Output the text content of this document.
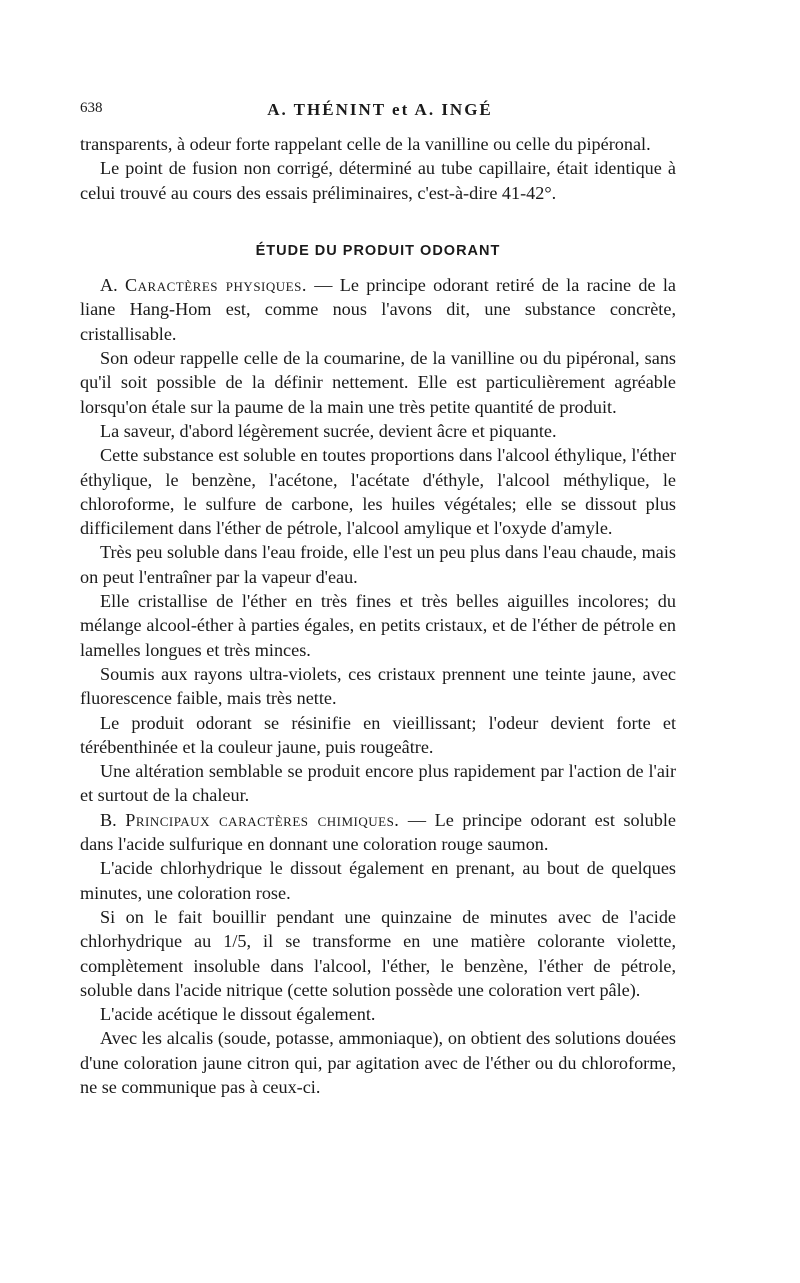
638	A. THÉNINT et A. INGÉ

transparents, à odeur forte rappelant celle de la vanilline ou celle du pipéronal.

Le point de fusion non corrigé, déterminé au tube capillaire, était identique à celui trouvé au cours des essais préliminaires, c'est-à-dire 41-42°.

ÉTUDE DU PRODUIT ODORANT

A. Caractères physiques. — Le principe odorant retiré de la racine de la liane Hang-Hom est, comme nous l'avons dit, une substance concrète, cristallisable.

Son odeur rappelle celle de la coumarine, de la vanilline ou du pipéronal, sans qu'il soit possible de la définir nettement. Elle est particulièrement agréable lorsqu'on étale sur la paume de la main une très petite quantité de produit.

La saveur, d'abord légèrement sucrée, devient âcre et piquante.

Cette substance est soluble en toutes proportions dans l'alcool éthylique, l'éther éthylique, le benzène, l'acétone, l'acétate d'éthyle, l'alcool méthylique, le chloroforme, le sulfure de carbone, les huiles végétales; elle se dissout plus difficilement dans l'éther de pétrole, l'alcool amylique et l'oxyde d'amyle.

Très peu soluble dans l'eau froide, elle l'est un peu plus dans l'eau chaude, mais on peut l'entraîner par la vapeur d'eau.

Elle cristallise de l'éther en très fines et très belles aiguilles incolores; du mélange alcool-éther à parties égales, en petits cristaux, et de l'éther de pétrole en lamelles longues et très minces.

Soumis aux rayons ultra-violets, ces cristaux prennent une teinte jaune, avec fluorescence faible, mais très nette.

Le produit odorant se résinifie en vieillissant; l'odeur devient forte et térébenthinée et la couleur jaune, puis rougeâtre.

Une altération semblable se produit encore plus rapidement par l'action de l'air et surtout de la chaleur.

B. Principaux caractères chimiques. — Le principe odorant est soluble dans l'acide sulfurique en donnant une coloration rouge saumon.

L'acide chlorhydrique le dissout également en prenant, au bout de quelques minutes, une coloration rose.

Si on le fait bouillir pendant une quinzaine de minutes avec de l'acide chlorhydrique au 1/5, il se transforme en une matière colorante violette, complètement insoluble dans l'alcool, l'éther, le benzène, l'éther de pétrole, soluble dans l'acide nitrique (cette solution possède une coloration vert pâle).

L'acide acétique le dissout également.

Avec les alcalis (soude, potasse, ammoniaque), on obtient des solutions douées d'une coloration jaune citron qui, par agitation avec de l'éther ou du chloroforme, ne se communique pas à ceux-ci.
